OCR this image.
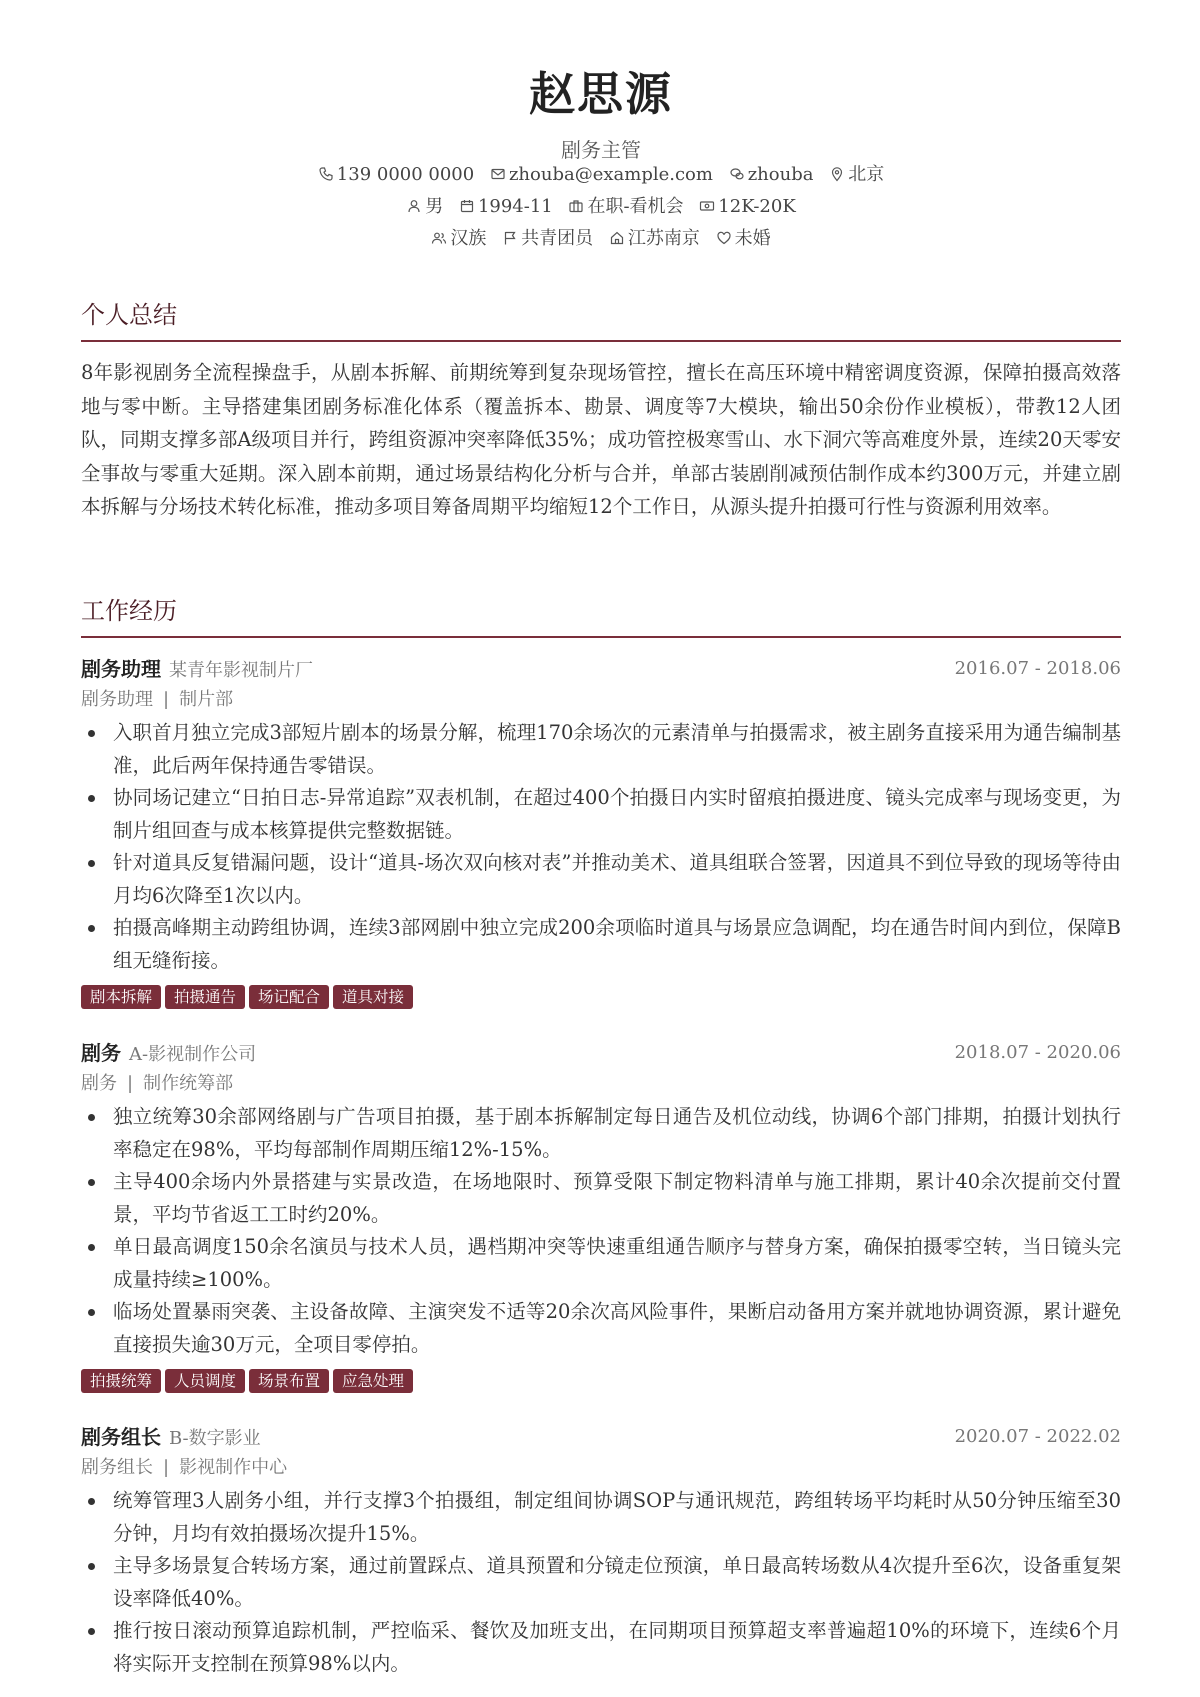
赵思源
剧务主管
139 0000 0000 zhouba@example.com zhouba 北京
男 1994-11 在职-看机会 12K-20K
汉族 共青团员 江苏南京 未婚
个人总结
8年影视剧务全流程操盘手，从剧本拆解、前期统筹到复杂现场管控，擅长在高压环境中精密调度资源，保障拍摄高效落地与零中断。主导搭建集团剧务标准化体系（覆盖拆本、勘景、调度等7大模块，输出50余份作业模板），带教12人团队，同期支撑多部A级项目并行，跨组资源冲突率降低35%；成功管控极寒雪山、水下洞穴等高难度外景，连续20天零安全事故与零重大延期。深入剧本前期，通过场景结构化分析与合并，单部古装剧削减预估制作成本约300万元，并建立剧本拆解与分场技术转化标准，推动多项目筹备周期平均缩短12个工作日，从源头提升拍摄可行性与资源利用效率。
工作经历
剧务助理 某青年影视制片厂	2016.07 - 2018.06
剧务助理 | 制片部
入职首月独立完成3部短片剧本的场景分解，梳理170余场次的元素清单与拍摄需求，被主剧务直接采用为通告编制基准，此后两年保持通告零错误。
协同场记建立“日拍日志-异常追踪”双表机制，在超过400个拍摄日内实时留痕拍摄进度、镜头完成率与现场变更，为制片组回查与成本核算提供完整数据链。
针对道具反复错漏问题，设计“道具-场次双向核对表”并推动美术、道具组联合签署，因道具不到位导致的现场等待由月均6次降至1次以内。
拍摄高峰期主动跨组协调，连续3部网剧中独立完成200余项临时道具与场景应急调配，均在通告时间内到位，保障B组无缝衔接。
剧本拆解 拍摄通告 场记配合 道具对接
剧务 A-影视制作公司	2018.07 - 2020.06
剧务 | 制作统筹部
独立统筹30余部网络剧与广告项目拍摄，基于剧本拆解制定每日通告及机位动线，协调6个部门排期，拍摄计划执行率稳定在98%，平均每部制作周期压缩12%-15%。
主导400余场内外景搭建与实景改造，在场地限时、预算受限下制定物料清单与施工排期，累计40余次提前交付置景，平均节省返工工时约20%。
单日最高调度150余名演员与技术人员，遇档期冲突等快速重组通告顺序与替身方案，确保拍摄零空转，当日镜头完成量持续≥100%。
临场处置暴雨突袭、主设备故障、主演突发不适等20余次高风险事件，果断启动备用方案并就地协调资源，累计避免直接损失逾30万元，全项目零停拍。
拍摄统筹 人员调度 场景布置 应急处理
剧务组长 B-数字影业	2020.07 - 2022.02
剧务组长 | 影视制作中心
统筹管理3人剧务小组，并行支撑3个拍摄组，制定组间协调SOP与通讯规范，跨组转场平均耗时从50分钟压缩至30分钟，月均有效拍摄场次提升15%。
主导多场景复合转场方案，通过前置踩点、道具预置和分镜走位预演，单日最高转场数从4次提升至6次，设备重复架设率降低40%。
推行按日滚动预算追踪机制，严控临采、餐饮及加班支出，在同期项目预算超支率普遍超10%的环境下，连续6个月将实际开支控制在预算98%以内。
